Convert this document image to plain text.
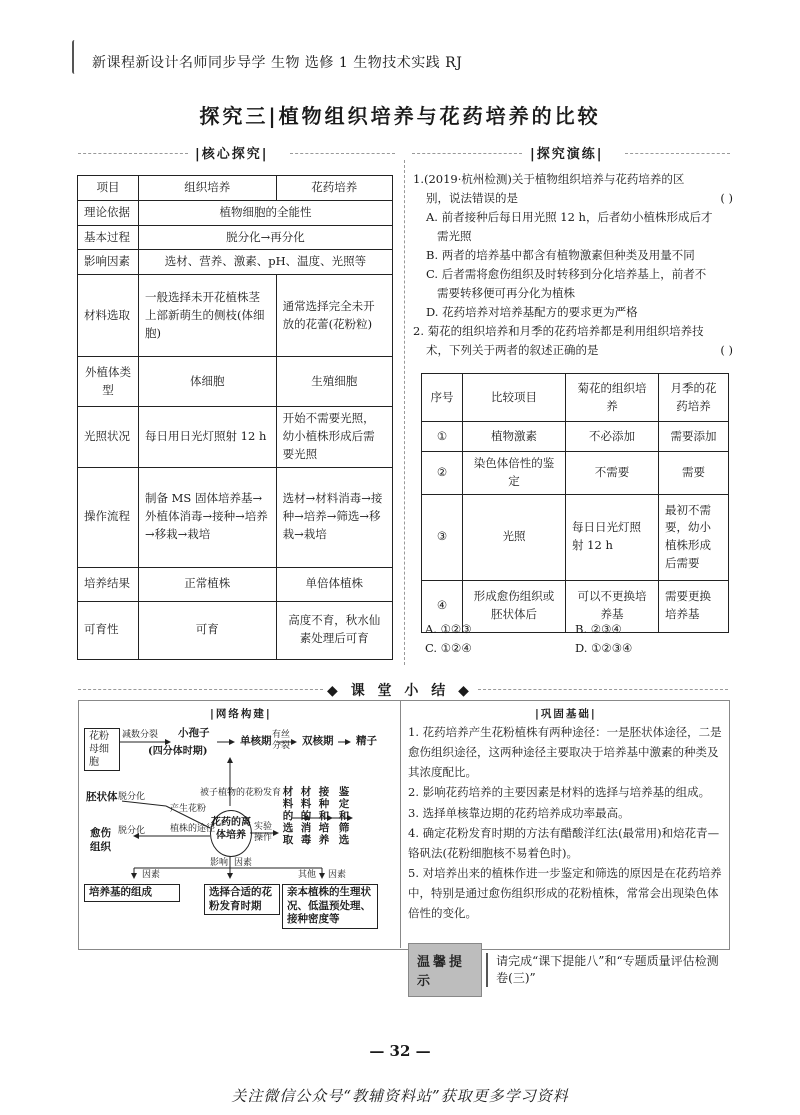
新课程新设计名师同步导学 生物 选修 1 生物技术实践 RJ
探究三|植物组织培养与花药培养的比较
|核心探究|	|探究演练|
项目	组织培养	花药培养
理论依据	植物细胞的全能性	
基本过程	脱分化→再分化	
影响因素	选材、营养、激素、pH、温度、光照等	
材料选取	一般选择未开花植株茎上部新萌生的侧枝(体细胞)	通常选择完全未开放的花蕾(花粉粒)
外植体类型	体细胞	生殖细胞
光照状况	每日用日光灯照射 12 h	开始不需要光照，幼小植株形成后需要光照
操作流程	制备 MS 固体培养基→外植体消毒→接种→培养→移栽→栽培	选材→材料消毒→接种→培养→筛选→移栽→栽培
培养结果	正常植株	单倍体植株
可育性	可育	高度不育，秋水仙素处理后可育

1.(2019·杭州检测)关于植物组织培养与花药培养的区

别，说法错误的是	( )

A. 前者接种后每日用光照 12 h，后者幼小植株形成后才

需光照

B. 两者的培养基中都含有植物激素但种类及用量不同

C. 后者需将愈伤组织及时转移到分化培养基上，前者不

需要转移便可再分化为植株

D. 花药培养对培养基配方的要求更为严格

2. 菊花的组织培养和月季的花药培养都是利用组织培养技

术，下列关于两者的叙述正确的是	( )

序号	比较项目	菊花的组织培养	月季的花药培养
①	植物激素	不必添加	需要添加
②	染色体倍性的鉴定	不需要	需要
③	光照	每日日光灯照射 12 h	最初不需要，幼小植株形成后需要
④	形成愈伤组织或胚状体后	可以不更换培养基	需要更换培养基
A. ①②③	B. ②③④
C. ①②④	D. ①②③④
◆ 课 堂 小 结 ◆
|网络构建|	|巩固基础|
花粉母细胞
减数分裂	小孢子
(四分体时期)
单核期 有丝分裂	双核期	精子
被子植物的花粉发育
胚状体
愈伤组织
脱分化
脱分化
产生花粉
植株的途径
花药的离体培养
实验操作
材料的选取
材料的消毒
接种和培养
鉴定和筛选
影响 因素
因素	其他 因素
培养基的组成	选择合适的花粉发育时期
亲本植株的生理状况、低温预处理、接种密度等

1. 花药培养产生花粉植株有两种途径：一是胚状体途径，二是愈伤组织途径，这两种途径主要取决于培养基中激素的种类及其浓度配比。

2. 影响花药培养的主要因素是材料的选择与培养基的组成。

3. 选择单核靠边期的花药培养成功率最高。

4. 确定花粉发育时期的方法有醋酸洋红法(最常用)和焙花青—铬矾法(花粉细胞核不易着色时)。

5. 对培养出来的植株作进一步鉴定和筛选的原因是在花药培养中，特别是通过愈伤组织形成的花粉植株，常常会出现染色体倍性的变化。

温馨提示
请完成“课下提能八”和“专题质量评估检测卷(三)”
— 32 —
关注微信公众号“教辅资料站”获取更多学习资料
